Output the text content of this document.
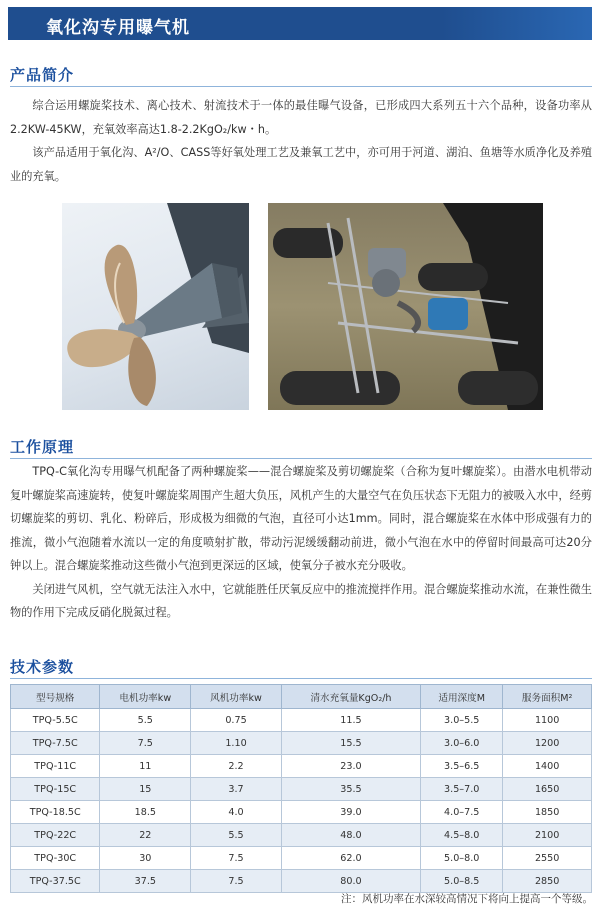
氧化沟专用曝气机
产品简介

综合运用螺旋桨技术、离心技术、射流技术于一体的最佳曝气设备，已形成四大系列五十六个品种，设备功率从2.2KW-45KW，充氧效率高达1.8-2.2KgO₂/kw・h。

该产品适用于氧化沟、A²/O、CASS等好氧处理工艺及兼氧工艺中，亦可用于河道、湖泊、鱼塘等水质净化及养殖业的充氧。

工作原理

TPQ-C氧化沟专用曝气机配备了两种螺旋桨——混合螺旋桨及剪切螺旋桨（合称为复叶螺旋桨）。由潜水电机带动复叶螺旋桨高速旋转，使复叶螺旋桨周围产生超大负压，风机产生的大量空气在负压状态下无阻力的被吸入水中，经剪切螺旋桨的剪切、乳化、粉碎后，形成极为细微的气泡，直径可小达1mm。同时，混合螺旋桨在水体中形成强有力的推流，微小气泡随着水流以一定的角度喷射扩散，带动污泥缓缓翻动前进，微小气泡在水中的停留时间最高可达20分钟以上。混合螺旋桨推动这些微小气泡到更深远的区域，使氧分子被水充分吸收。

关闭进气风机，空气就无法注入水中，它就能胜任厌氧反应中的推流搅拌作用。混合螺旋桨推动水流，在兼性微生物的作用下完成反硝化脱氮过程。

技术参数
型号规格	电机功率kw	风机功率kw	清水充氧量KgO₂/h	适用深度M	服务面积M²
TPQ-5.5C	5.5	0.75	11.5	3.0–5.5	1100
TPQ-7.5C	7.5	1.10	15.5	3.0–6.0	1200
TPQ-11C	11	2.2	23.0	3.5–6.5	1400
TPQ-15C	15	3.7	35.5	3.5–7.0	1650
TPQ-18.5C	18.5	4.0	39.0	4.0–7.5	1850
TPQ-22C	22	5.5	48.0	4.5–8.0	2100
TPQ-30C	30	7.5	62.0	5.0–8.0	2550
TPQ-37.5C	37.5	7.5	80.0	5.0–8.5	2850
注：风机功率在水深较高情况下将向上提高一个等级。
